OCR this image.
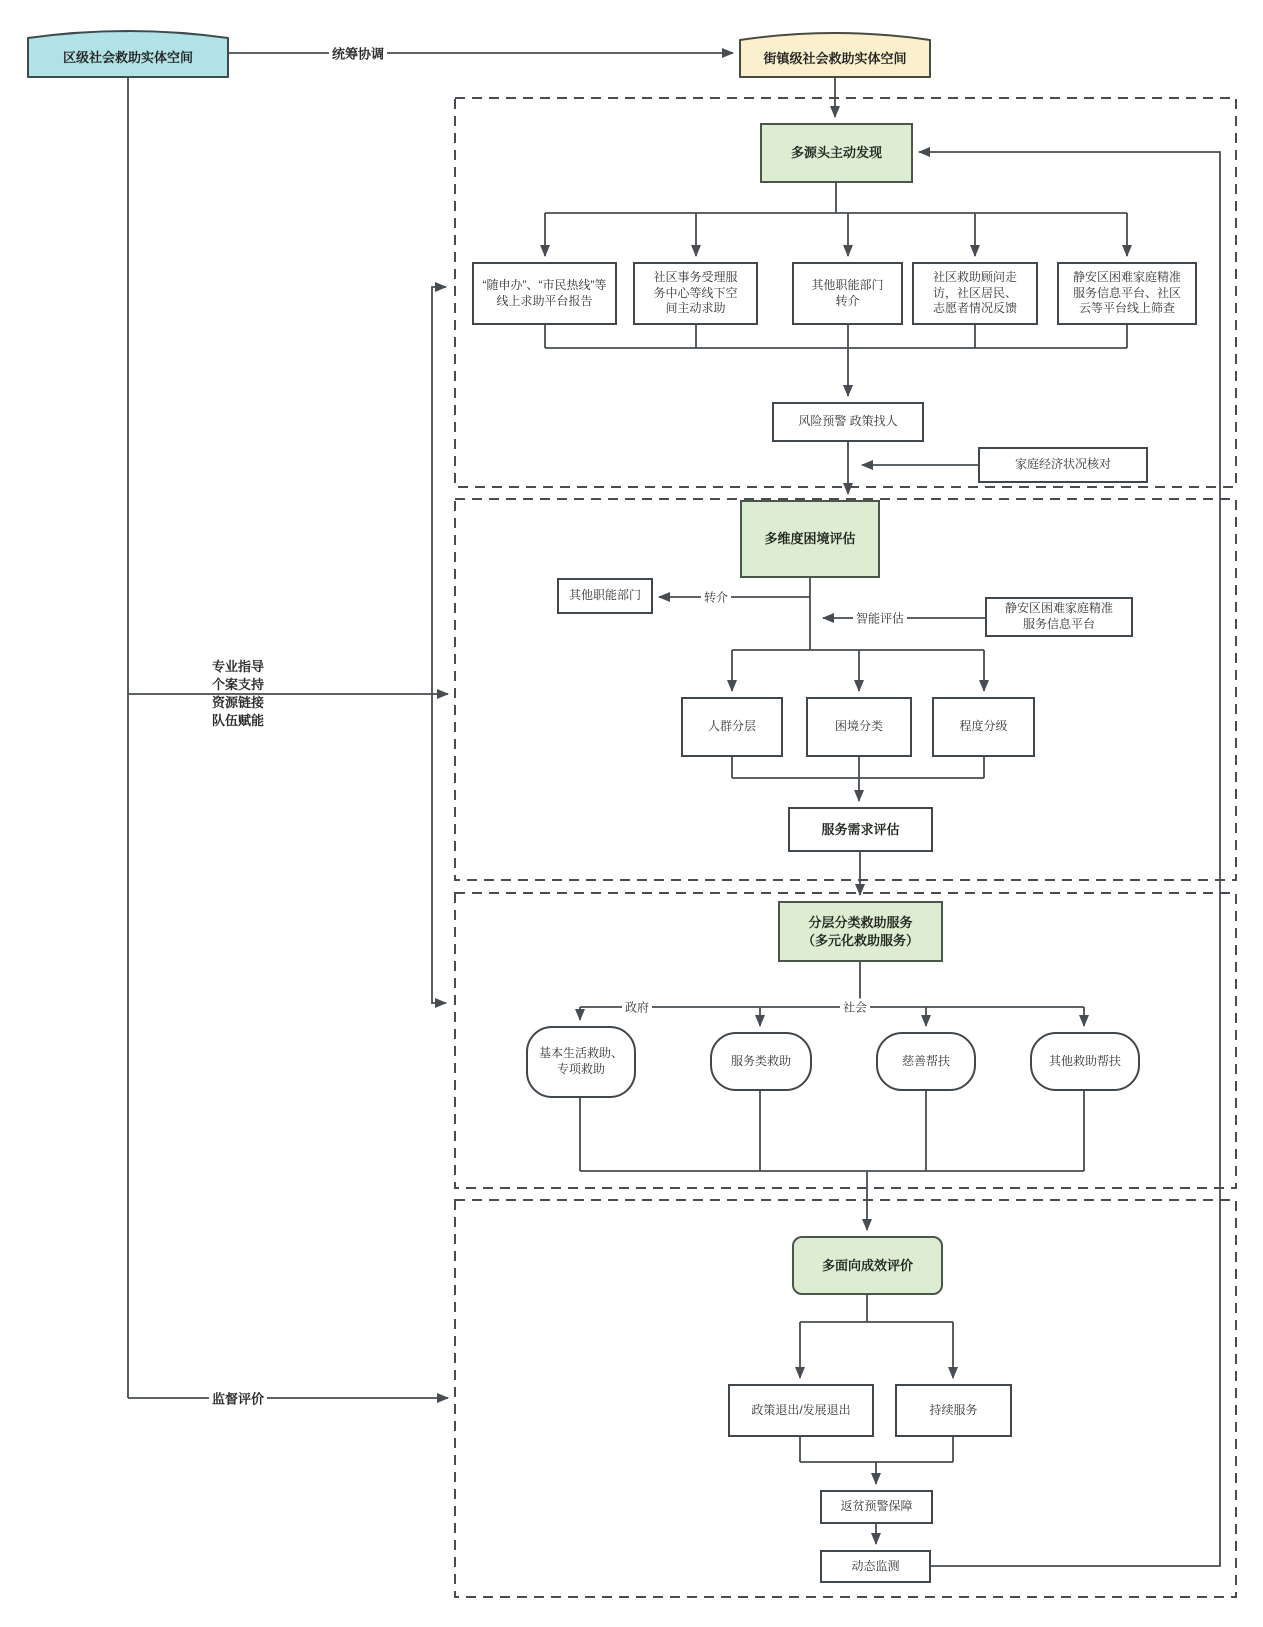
区级社会救助实体空间	街镇级社会救助实体空间
多源头主动发现
“随申办”、“市民热线”等线上求助平台报告
社区事务受理服务中心等线下空间主动求助
其他职能部门转介
社区救助顾问走访，社区居民、志愿者情况反馈
静安区困难家庭精准服务信息平台、社区云等平台线上筛查
风险预警 政策找人
家庭经济状况核对
多维度困境评估
其他职能部门
静安区困难家庭精准服务信息平台
人群分层	困境分类	程度分级
服务需求评估
分层分类救助服务
（多元化救助服务）
基本生活救助、专项救助
服务类救助	慈善帮扶	其他救助帮扶
多面向成效评价
政策退出/发展退出	持续服务
返贫预警保障
动态监测
统筹协调
专业指导
个案支持
资源链接
队伍赋能
监督评价
转介
智能评估
政府	社会
